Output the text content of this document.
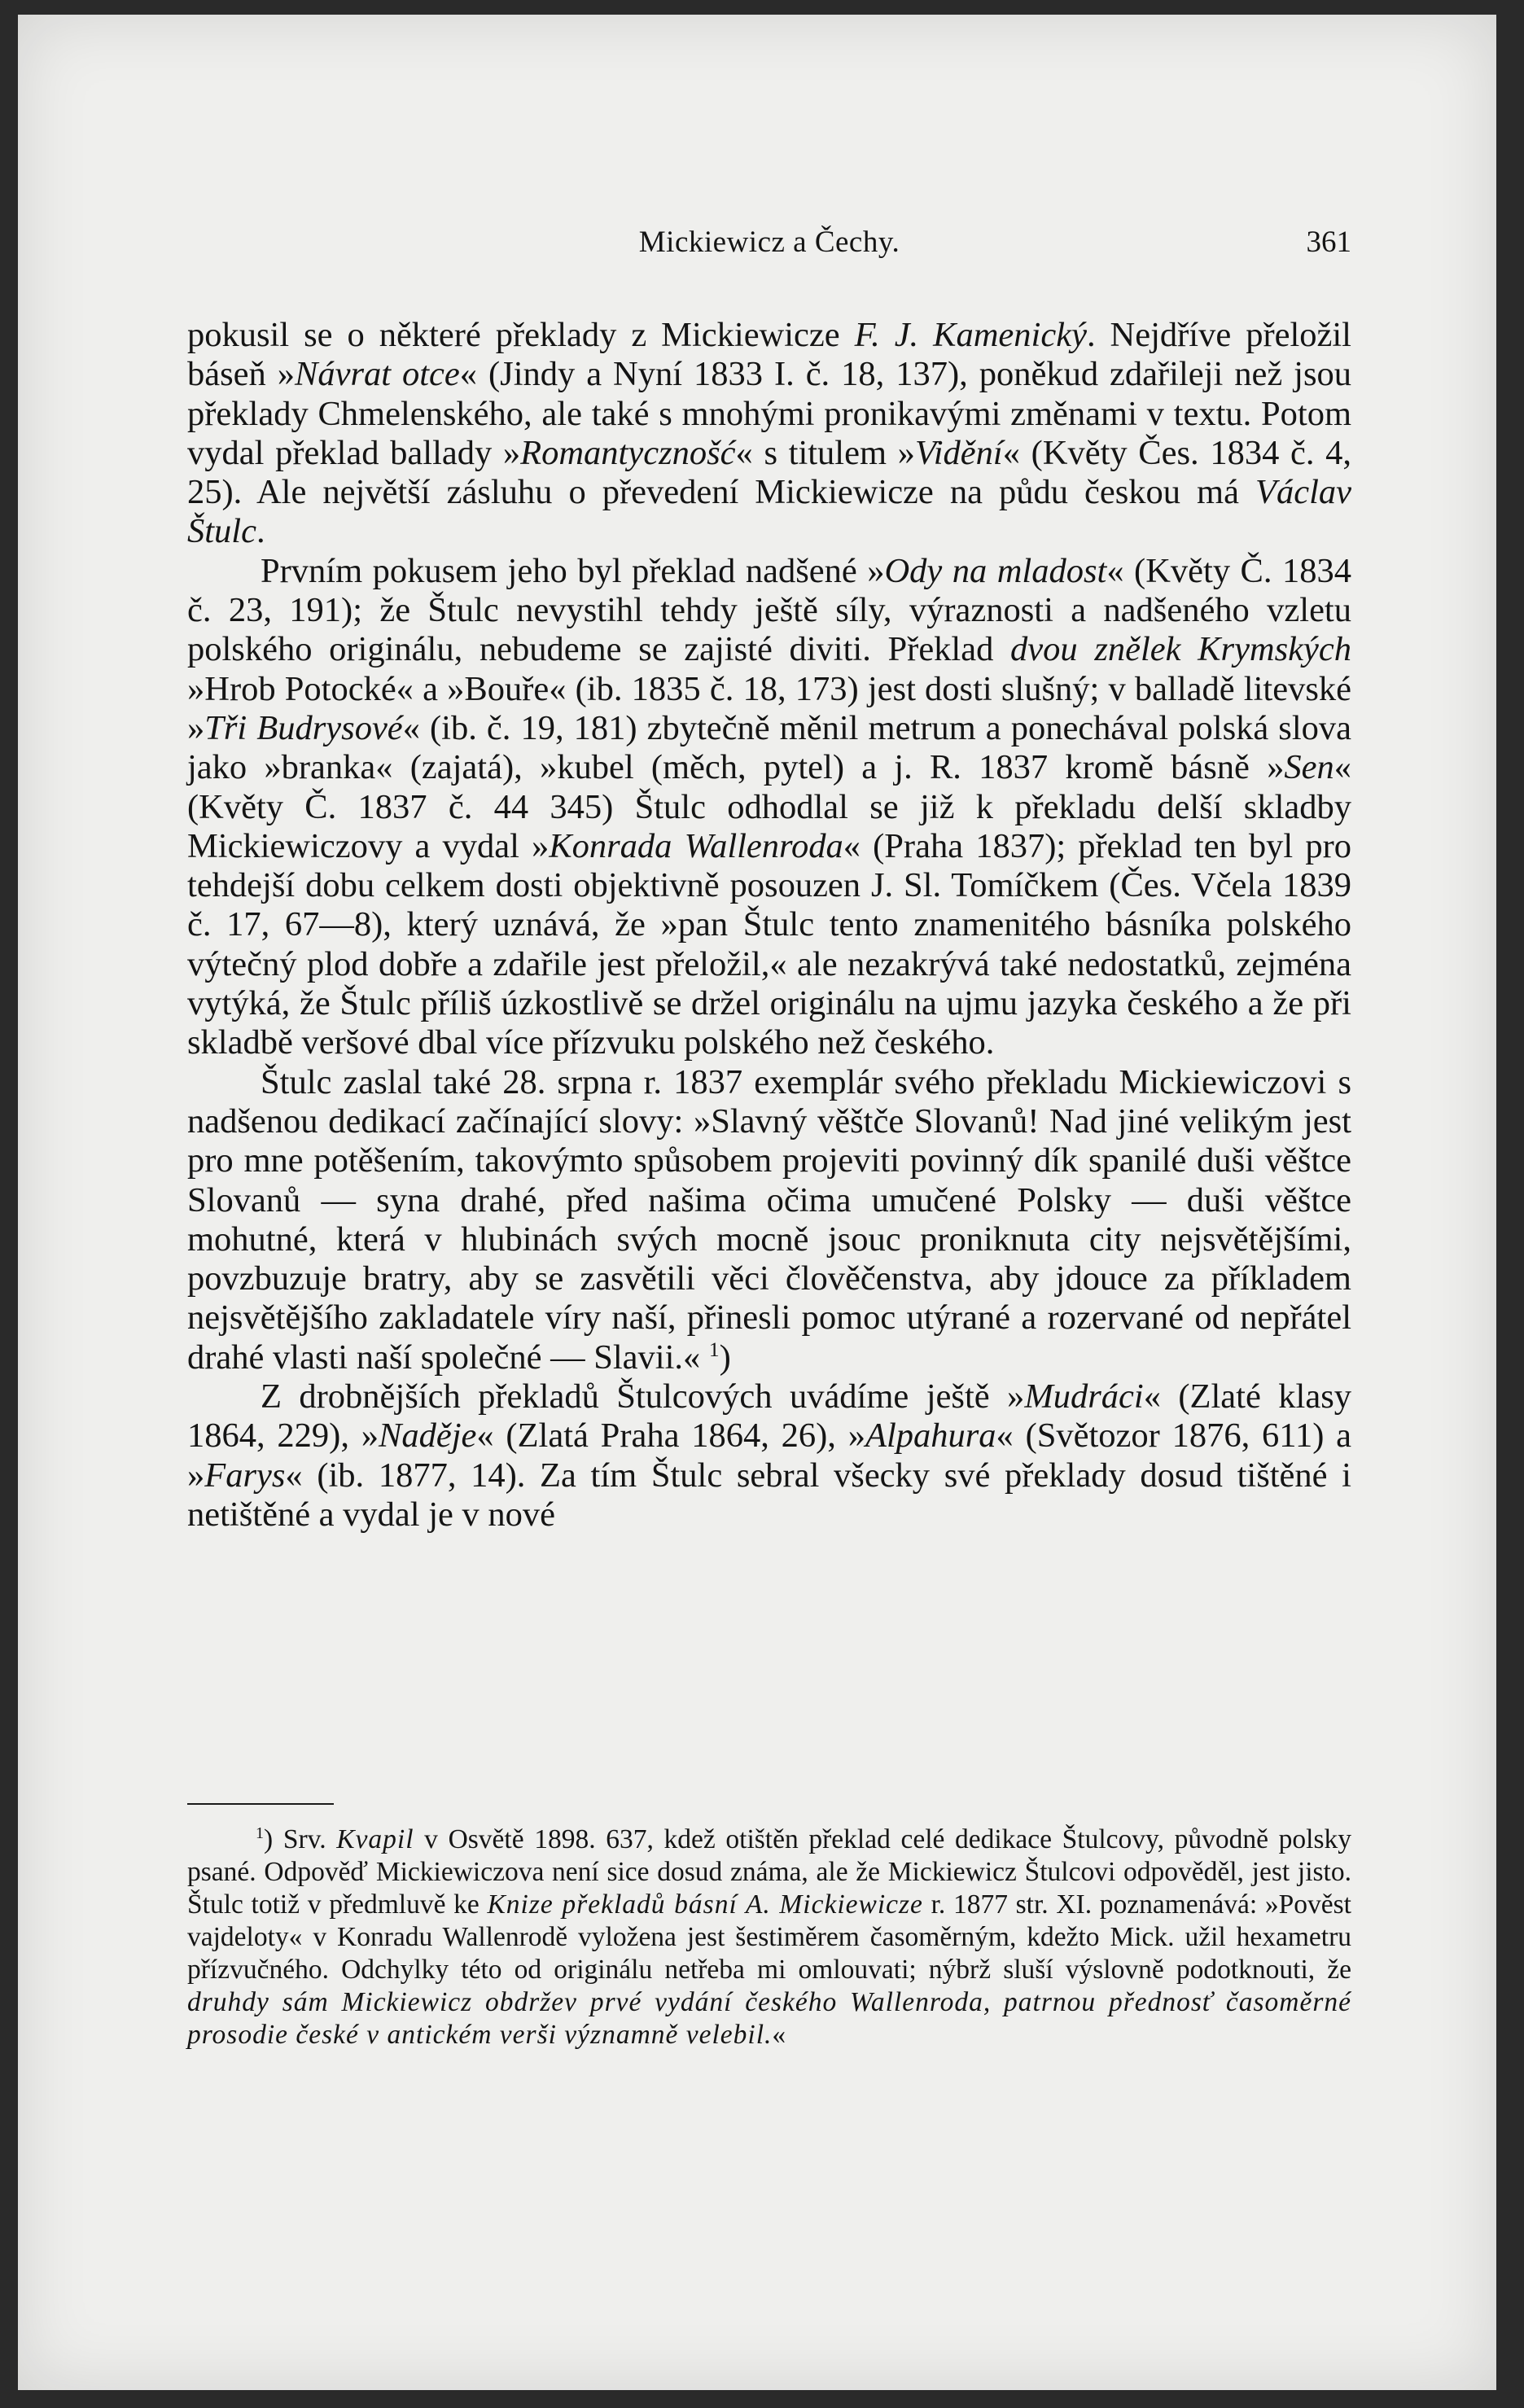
Mickiewicz a Čechy.	361

pokusil se o některé překlady z Mickiewicze F. J. Kamenický. Nejdříve přeložil báseň »Návrat otce« (Jindy a Nyní 1833 I. č. 18, 137), poněkud zdařileji než jsou překlady Chmelenského, ale také s mnohými pronikavými změnami v textu. Potom vydal překlad ballady »Romantycznošć« s titulem »Vidění« (Květy Čes. 1834 č. 4, 25). Ale největší zásluhu o převedení Mickiewicze na půdu českou má Václav Štulc.

Prvním pokusem jeho byl překlad nadšené »Ody na mladost« (Květy Č. 1834 č. 23, 191); že Štulc nevystihl tehdy ještě síly, výraznosti a nadšeného vzletu polského originálu, nebudeme se zajisté diviti. Překlad dvou znělek Krymských »Hrob Potocké« a »Bouře« (ib. 1835 č. 18, 173) jest dosti slušný; v balladě litevské »Tři Budrysové« (ib. č. 19, 181) zbytečně měnil metrum a ponechával polská slova jako »branka« (zajatá), »kubel (měch, pytel) a j. R. 1837 kromě básně »Sen« (Květy Č. 1837 č. 44 345) Štulc odhodlal se již k překladu delší skladby Mickiewiczovy a vydal »Konrada Wallenroda« (Praha 1837); překlad ten byl pro tehdejší dobu celkem dosti objektivně posouzen J. Sl. Tomíčkem (Čes. Včela 1839 č. 17, 67—8), který uznává, že »pan Štulc tento znamenitého básníka polského výtečný plod dobře a zdařile jest přeložil,« ale nezakrývá také nedostatků, zejména vytýká, že Štulc příliš úzkostlivě se držel originálu na ujmu jazyka českého a že při skladbě veršové dbal více přízvuku polského než českého.

Štulc zaslal také 28. srpna r. 1837 exemplár svého překladu Mickiewiczovi s nadšenou dedikací začínající slovy: »Slavný věštče Slovanů! Nad jiné velikým jest pro mne potěšením, takovýmto spůsobem projeviti povinný dík spanilé duši věštce Slovanů — syna drahé, před našima očima umučené Polsky — duši věštce mohutné, která v hlubinách svých mocně jsouc proniknuta city nejsvětějšími, povzbuzuje bratry, aby se zasvětili věci člověčenstva, aby jdouce za příkladem nejsvětějšího zakladatele víry naší, přinesli pomoc utýrané a rozervané od nepřátel drahé vlasti naší společné — Slavii.« $^1$)

Z drobnějších překladů Štulcových uvádíme ještě »Mudráci« (Zlaté klasy 1864, 229), »Naděje« (Zlatá Praha 1864, 26), »Alpahura« (Světozor 1876, 611) a »Farys« (ib. 1877, 14). Za tím Štulc sebral všecky své překlady dosud tištěné i netištěné a vydal je v nové

$^1$) Srv. Kvapil v Osvětě 1898. 637, kdež otištěn překlad celé dedikace Štulcovy, původně polsky psané. Odpověď Mickiewiczova není sice dosud známa, ale že Mickiewicz Štulcovi odpověděl, jest jisto. Štulc totiž v předmluvě ke Knize překladů básní A. Mickiewicze r. 1877 str. XI. poznamenává: »Pověst vajdeloty« v Konradu Wallenrodě vyložena jest šestiměrem časoměrným, kdežto Mick. užil hexametru přízvučného. Odchylky této od originálu netřeba mi omlouvati; nýbrž sluší výslovně podotknouti, že druhdy sám Mickiewicz obdržev prvé vydání českého Wallenroda, patrnou přednosť časoměrné prosodie české v antickém verši významně velebil.«
